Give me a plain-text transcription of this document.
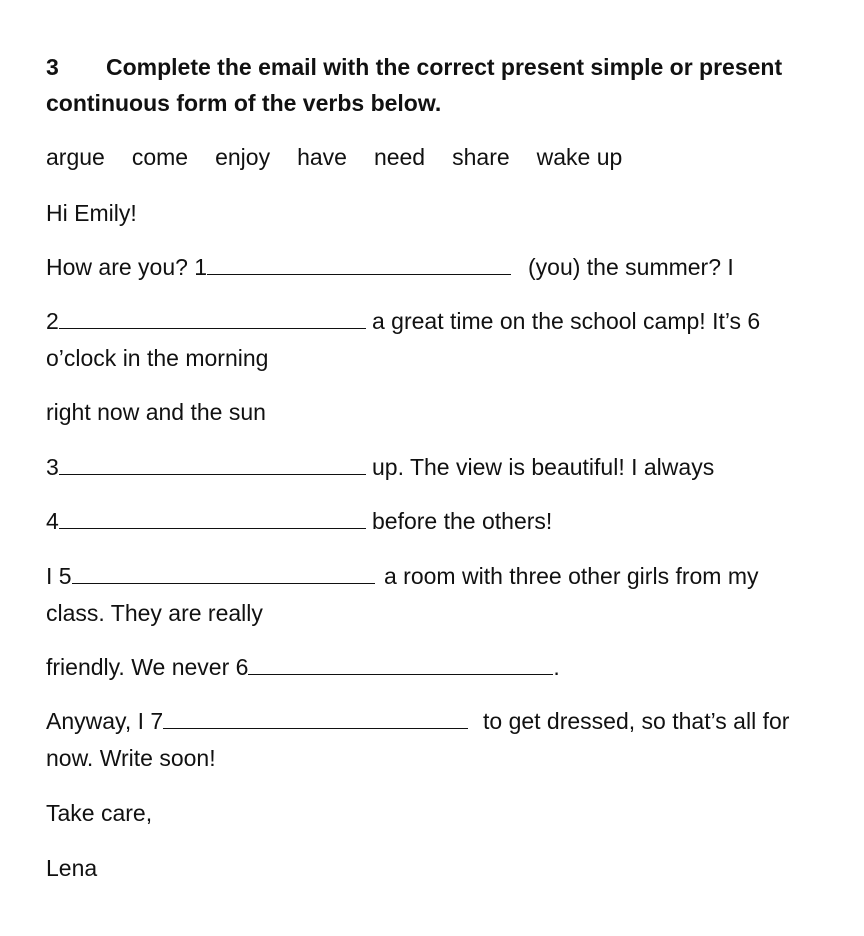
3 Complete the email with the correct present simple or present
continuous form of the verbs below.
argue come enjoy have need share wake up
Hi Emily!
How are you? 1	(you) the summer? I
2	a great time on the school camp! It’s 6
o’clock in the morning
right now and the sun
3	up. The view is beautiful! I always
4	before the others!
I 5	a room with three other girls from my
class. They are really
friendly. We never 6	.
Anyway, I 7	to get dressed, so that’s all for
now. Write soon!
Take care,
Lena
